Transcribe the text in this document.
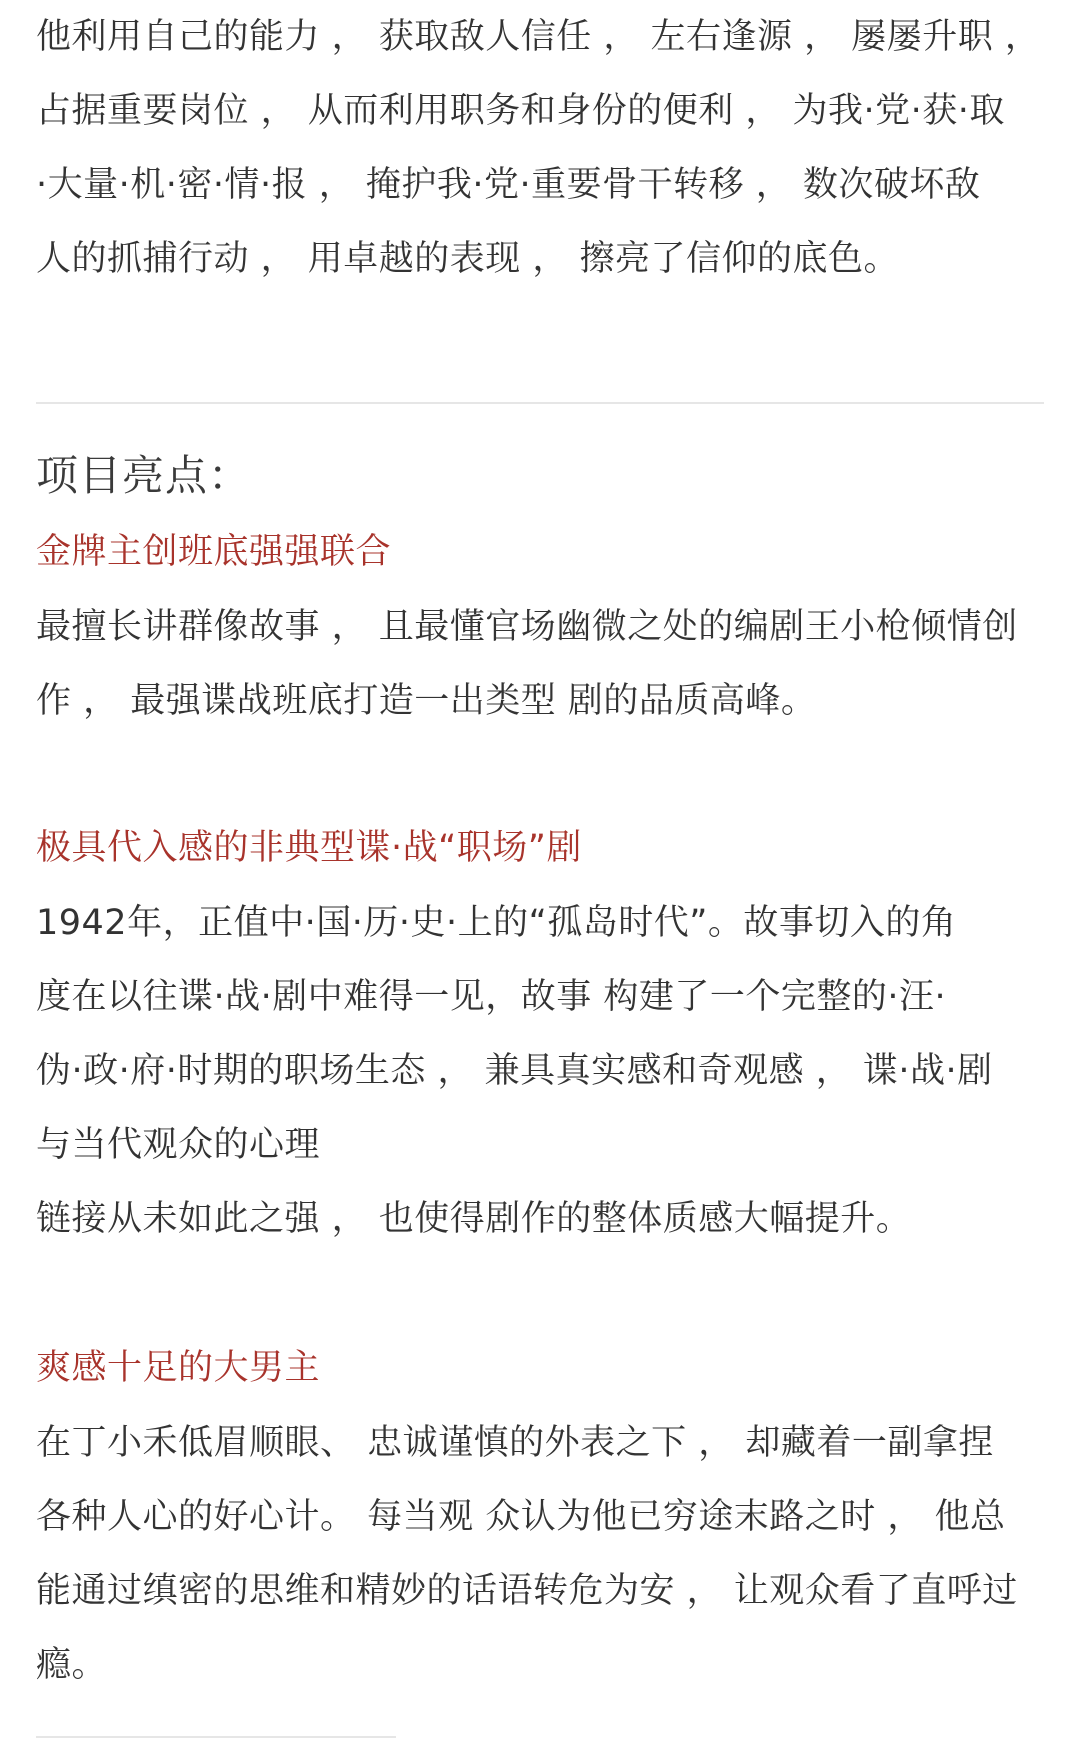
他利用自己的能力 ， 获取敌人信任 ， 左右逢源 ， 屡屡升职 ，
占据重要岗位 ， 从而利用职务和身份的便利 ， 为我·党·获·取
·大量·机·密·情·报 ， 掩护我·党·重要骨干转移 ， 数次破坏敌
人的抓捕行动 ， 用卓越的表现 ， 擦亮了信仰的底色。

项目亮点：
金牌主创班底强强联合

最擅长讲群像故事 ， 且最懂官场幽微之处的编剧王小枪倾情创
作 ， 最强谍战班底打造一出类型 剧的品质高峰。

极具代入感的非典型谍·战“职场”剧

1942年，正值中·国·历·史·上的“孤岛时代”。故事切入的角
度在以往谍·战·剧中难得一见，故事 构建了一个完整的·汪·
伪·政·府·时期的职场生态 ， 兼具真实感和奇观感 ， 谍·战·剧
与当代观众的心理
链接从未如此之强 ， 也使得剧作的整体质感大幅提升。

爽感十足的大男主

在丁小禾低眉顺眼、 忠诚谨慎的外表之下 ， 却藏着一副拿捏
各种人心的好心计。 每当观 众认为他已穷途末路之时 ， 他总
能通过缜密的思维和精妙的话语转危为安 ， 让观众看了直呼过
瘾。
